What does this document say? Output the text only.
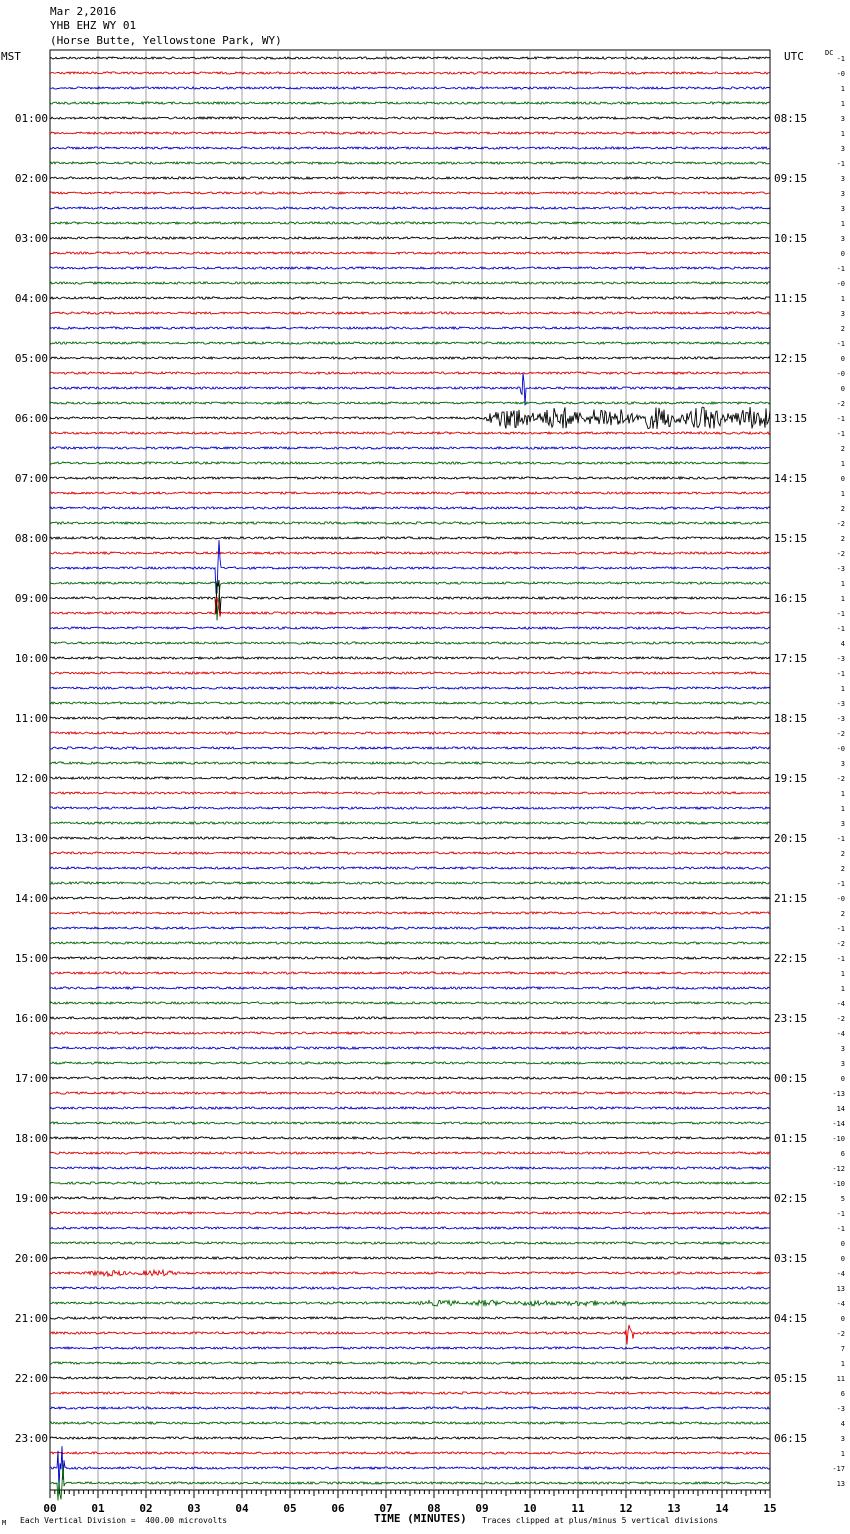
Mar 2,2016
YHB EHZ WY 01
(Horse Butte, Yellowstone Park, WY)
MST	UTC	DC
00	01	02	03	04	05	06	07	08	09	10	11	12	13	14	15
-1
-0
1
1
3
1
3
-1
3
3
3
1
3
0
-1
-0
1
3
2
-1
0
-0
0
-2
-1
-1
2
1
0
1
2
-2
2
-2
-3
1
1
-1
-1
4
-3
-1
1
-3
-3
-2
-0
3
-2
1
1
3
-1
2
2
-1
-0
2
-1
-2
-1
1
1
-4
-2
-4
3
3
0
-13
14
-14
-10
6
-12
-10
5
-1
-1
0
0
-4
13
-4
0
-2
7
1
11
6
-3
4
3
1
-17
13
01:00	08:15
02:00	09:15
03:00	10:15
04:00	11:15
05:00	12:15
06:00	13:15
07:00	14:15
08:00	15:15
09:00	16:15
10:00	17:15
11:00	18:15
12:00	19:15
13:00	20:15
14:00	21:15
15:00	22:15
16:00	23:15
17:00	00:15
18:00	01:15
19:00	02:15
20:00	03:15
21:00	04:15
22:00	05:15
23:00	06:15
TIME (MINUTES)
M Each Vertical Division =  400.00 microvolts	Traces clipped at plus/minus 5 vertical divisions
